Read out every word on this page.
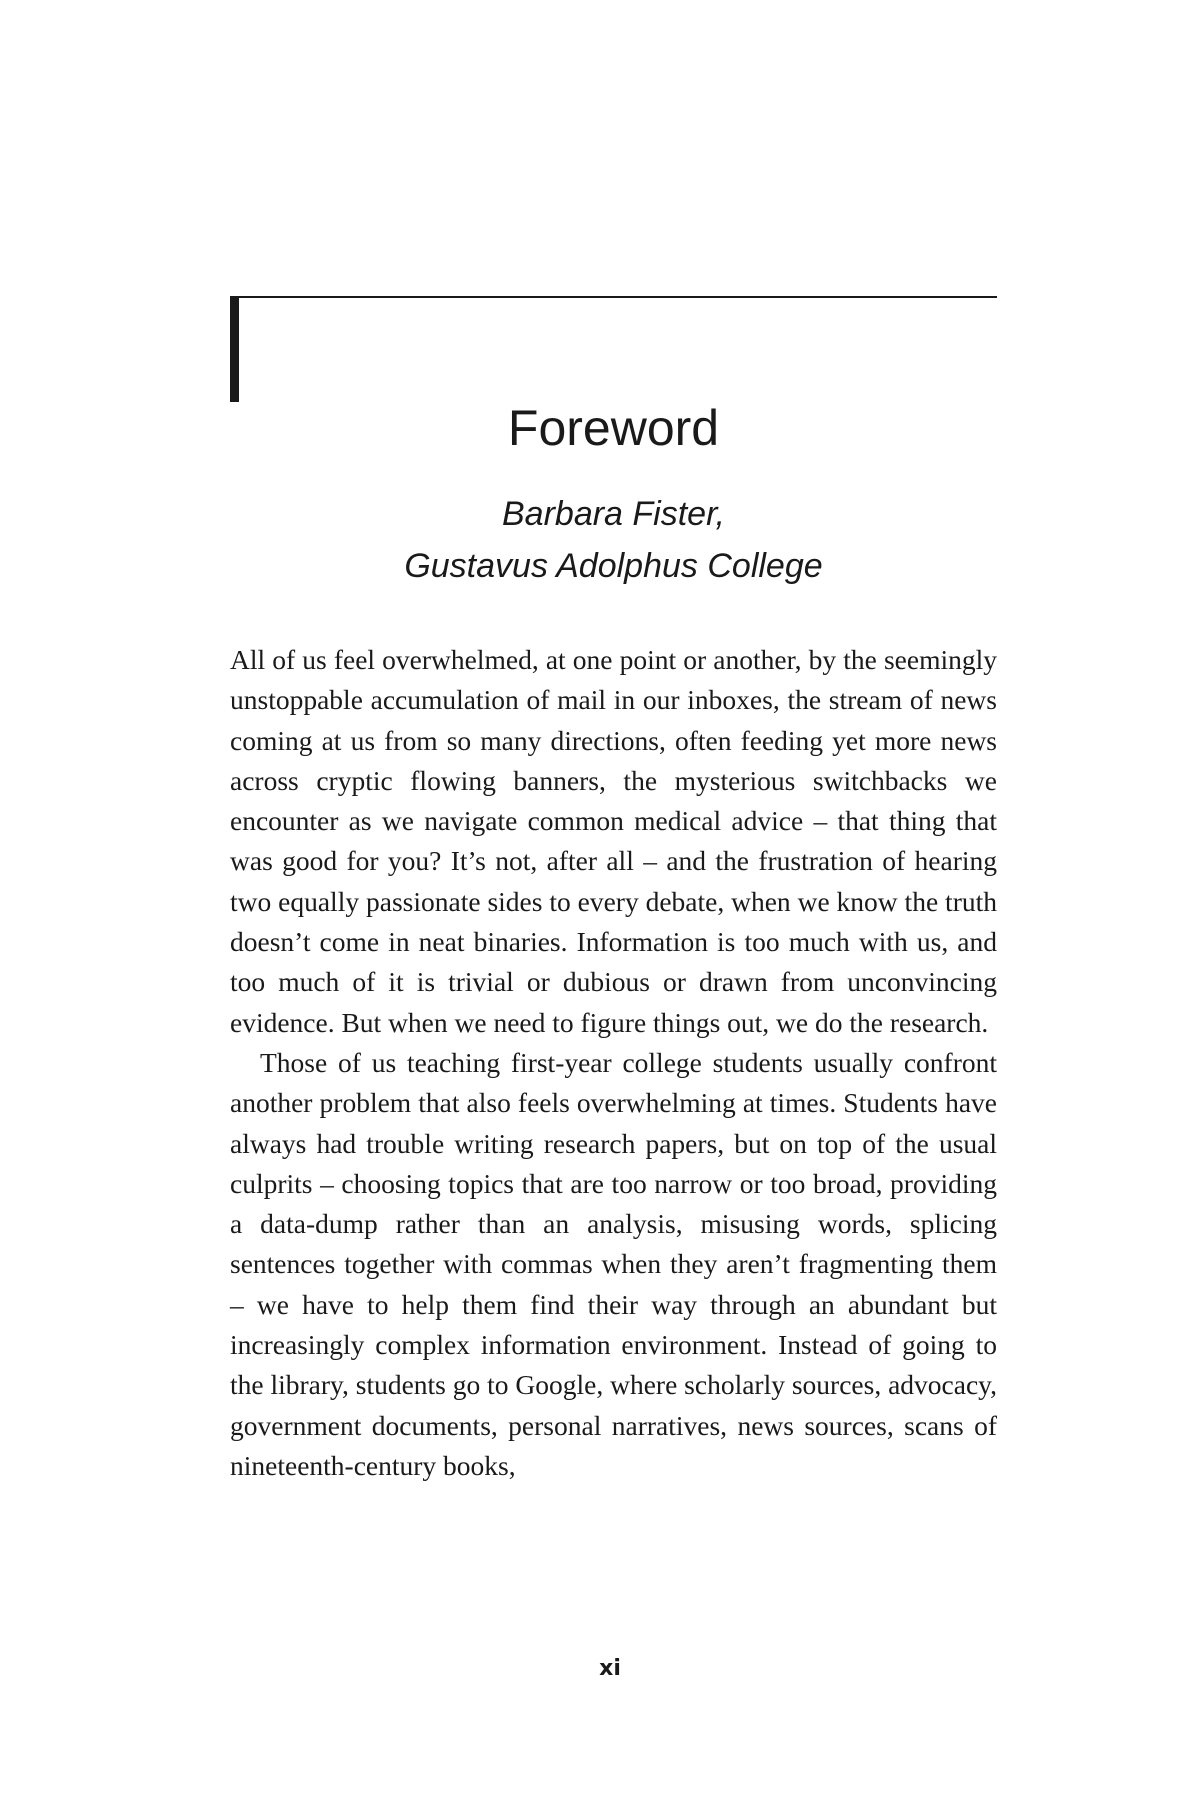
Foreword
Barbara Fister,
Gustavus Adolphus College

All of us feel overwhelmed, at one point or another, by the seemingly unstoppable accumulation of mail in our inboxes, the stream of news coming at us from so many directions, often feeding yet more news across cryptic flowing banners, the mysterious switchbacks we encounter as we navigate common medical advice – that thing that was good for you? It’s not, after all – and the frustration of hearing two equally passionate sides to every debate, when we know the truth doesn’t come in neat binaries. Information is too much with us, and too much of it is trivial or dubious or drawn from unconvincing evidence. But when we need to figure things out, we do the research.

Those of us teaching first-year college students usually confront another problem that also feels overwhelming at times. Students have always had trouble writing research papers, but on top of the usual culprits – choosing topics that are too narrow or too broad, providing a data-dump rather than an analysis, misusing words, splicing sentences together with commas when they aren’t fragmenting them – we have to help them find their way through an abundant but increasingly complex information environment. Instead of going to the library, students go to Google, where scholarly sources, advocacy, government documents, personal narratives, news sources, scans of nineteenth-century books,

xi
